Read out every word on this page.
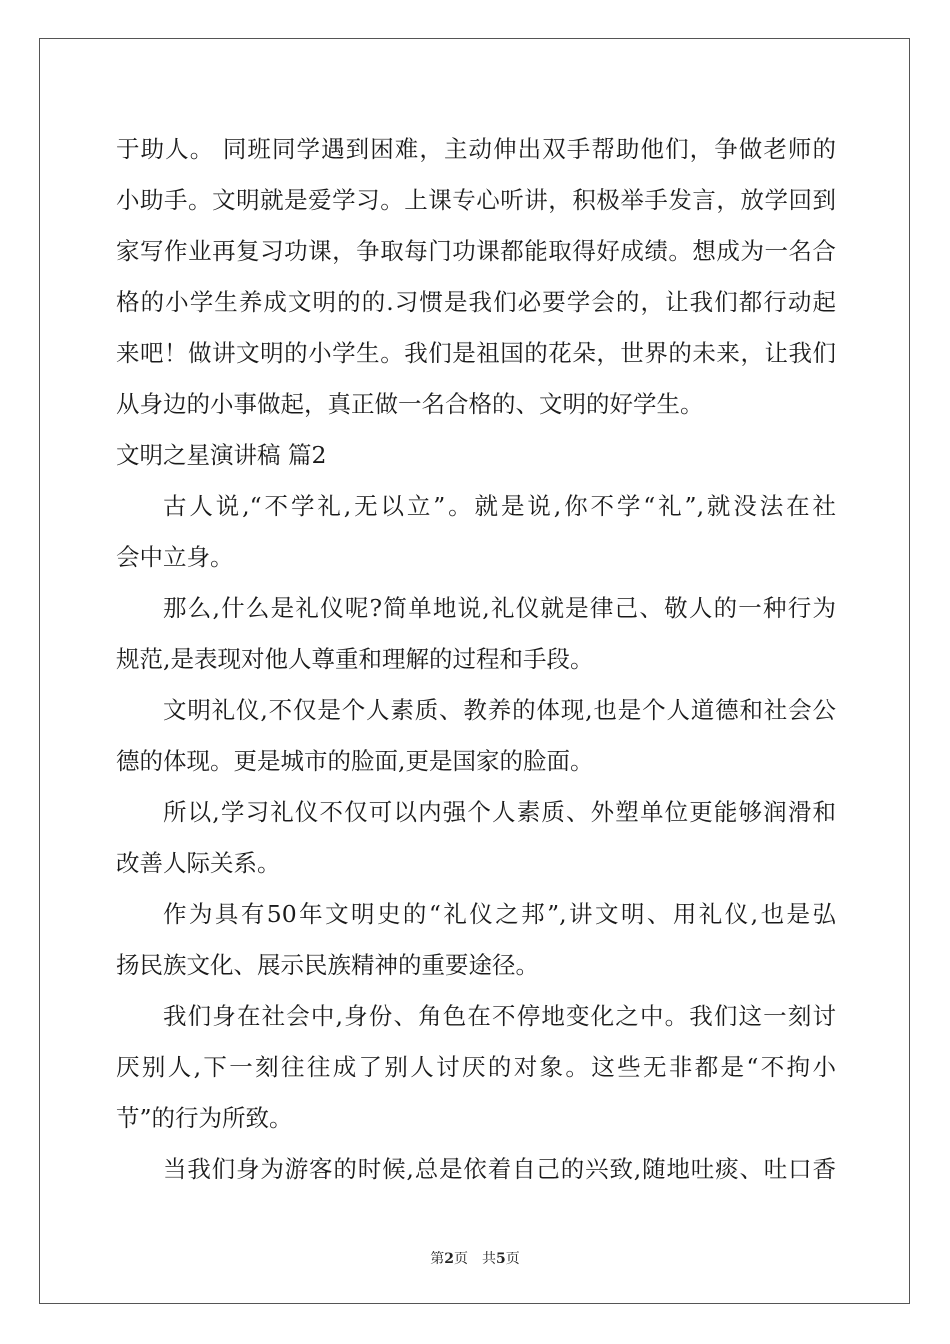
于助人。 同班同学遇到困难，主动伸出双手帮助他们，争做老师的
小助手。文明就是爱学习。上课专心听讲，积极举手发言，放学回到
家写作业再复习功课，争取每门功课都能取得好成绩。想成为一名合
格的小学生养成文明的的.习惯是我们必要学会的，让我们都行动起
来吧！做讲文明的小学生。我们是祖国的花朵，世界的未来，让我们
从身边的小事做起，真正做一名合格的、文明的好学生。
文明之星演讲稿 篇2
古人说,“不学礼,无以立”。就是说,你不学“礼”,就没法在社
会中立身。
那么,什么是礼仪呢?简单地说,礼仪就是律己、敬人的一种行为
规范,是表现对他人尊重和理解的过程和手段。
文明礼仪,不仅是个人素质、教养的体现,也是个人道德和社会公
德的体现。更是城市的脸面,更是国家的脸面。
所以,学习礼仪不仅可以内强个人素质、外塑单位更能够润滑和
改善人际关系。
作为具有50年文明史的“礼仪之邦”,讲文明、用礼仪,也是弘
扬民族文化、展示民族精神的重要途径。
我们身在社会中,身份、角色在不停地变化之中。我们这一刻讨
厌别人,下一刻往往成了别人讨厌的对象。这些无非都是“不拘小
节”的行为所致。
当我们身为游客的时候,总是依着自己的兴致,随地吐痰、吐口香
第2页　共5页
